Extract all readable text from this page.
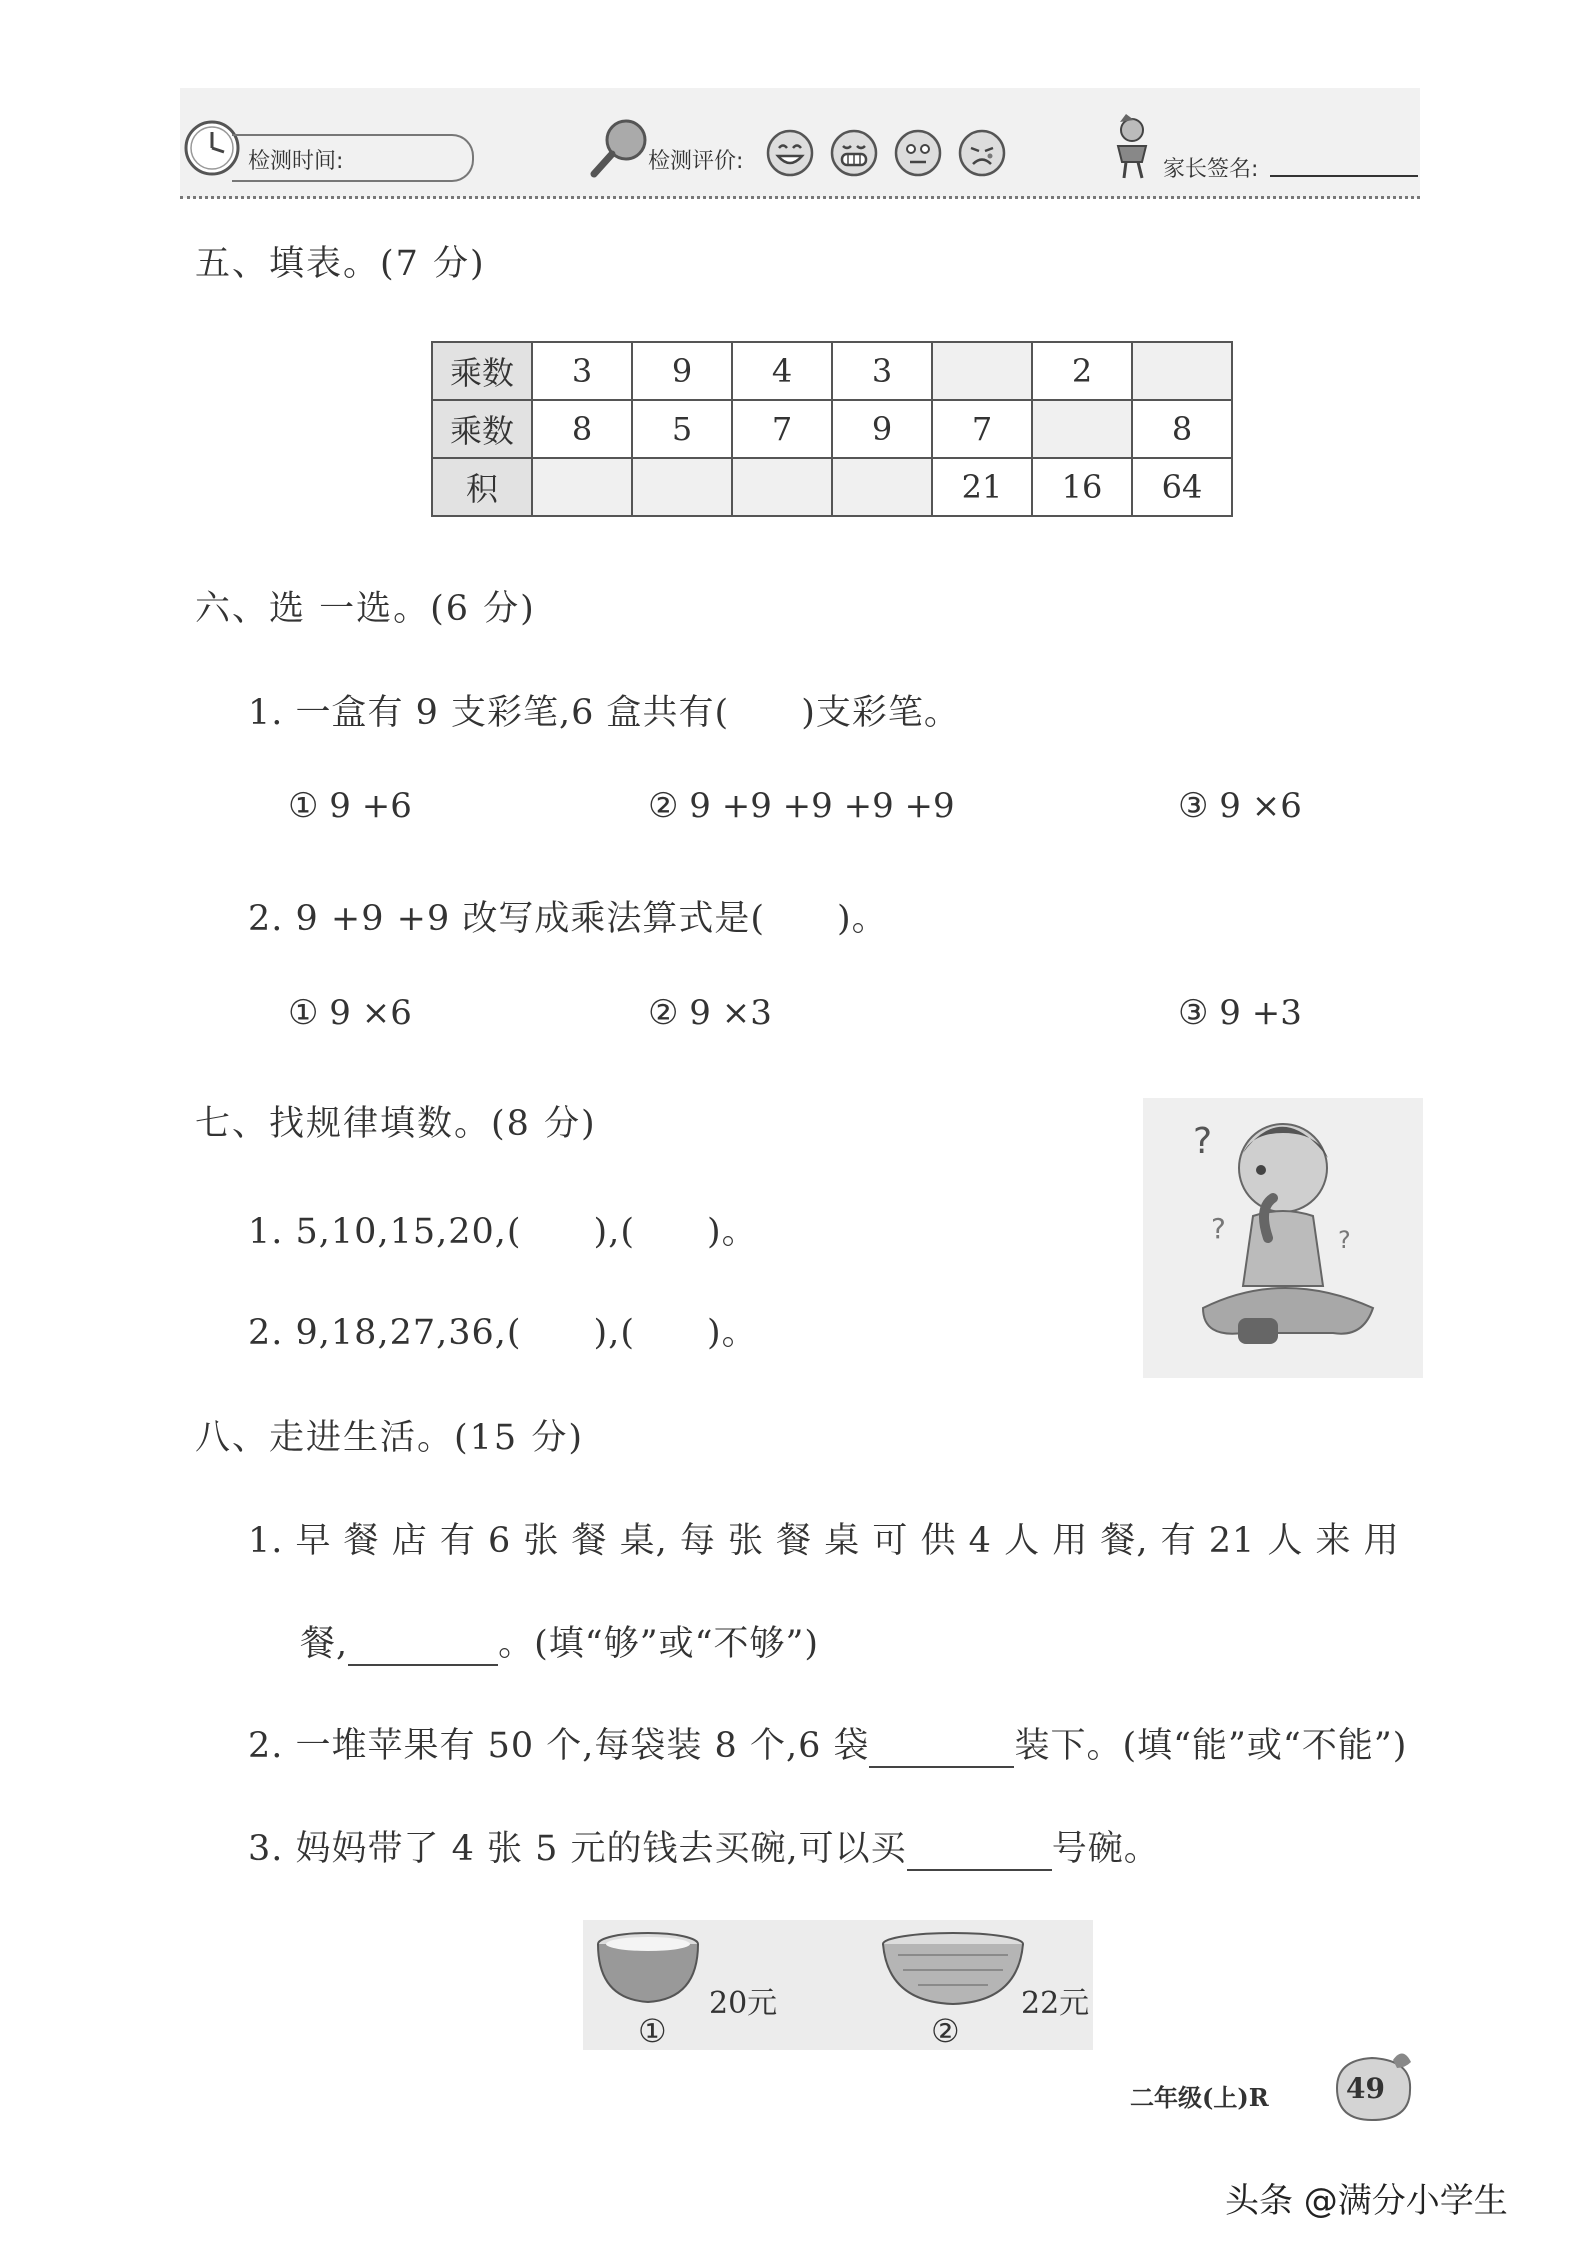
检测时间:	检测评价:	家长签名:
五、填表。(7 分)
乘数	3	9	4	3		2	
乘数	8	5	7	9	7		8
积					21	16	64
六、选 一选。(6 分)
1. 一盒有 9 支彩笔,6 盒共有(　　)支彩笔。
① 9 +6	② 9 +9 +9 +9 +9	③ 9 ×6
2. 9 +9 +9 改写成乘法算式是(　　)。
① 9 ×6	② 9 ×3	③ 9 +3
七、找规律填数。(8 分)
1. 5,10,15,20,(　　),(　　)。
2. 9,18,27,36,(　　),(　　)。
?
?	?
八、走进生活。(15 分)
1. 早 餐 店 有 6 张 餐 桌, 每 张 餐 桌 可 供 4 人 用 餐, 有 21 人 来 用
餐,	。(填“够”或“不够”)
2. 一堆苹果有 50 个,每袋装 8 个,6 袋	装下。(填“能”或“不能”)
3. 妈妈带了 4 张 5 元的钱去买碗,可以买	号碗。
20元
①
22元
②
二年级(上)R	49
头条 @满分小学生
